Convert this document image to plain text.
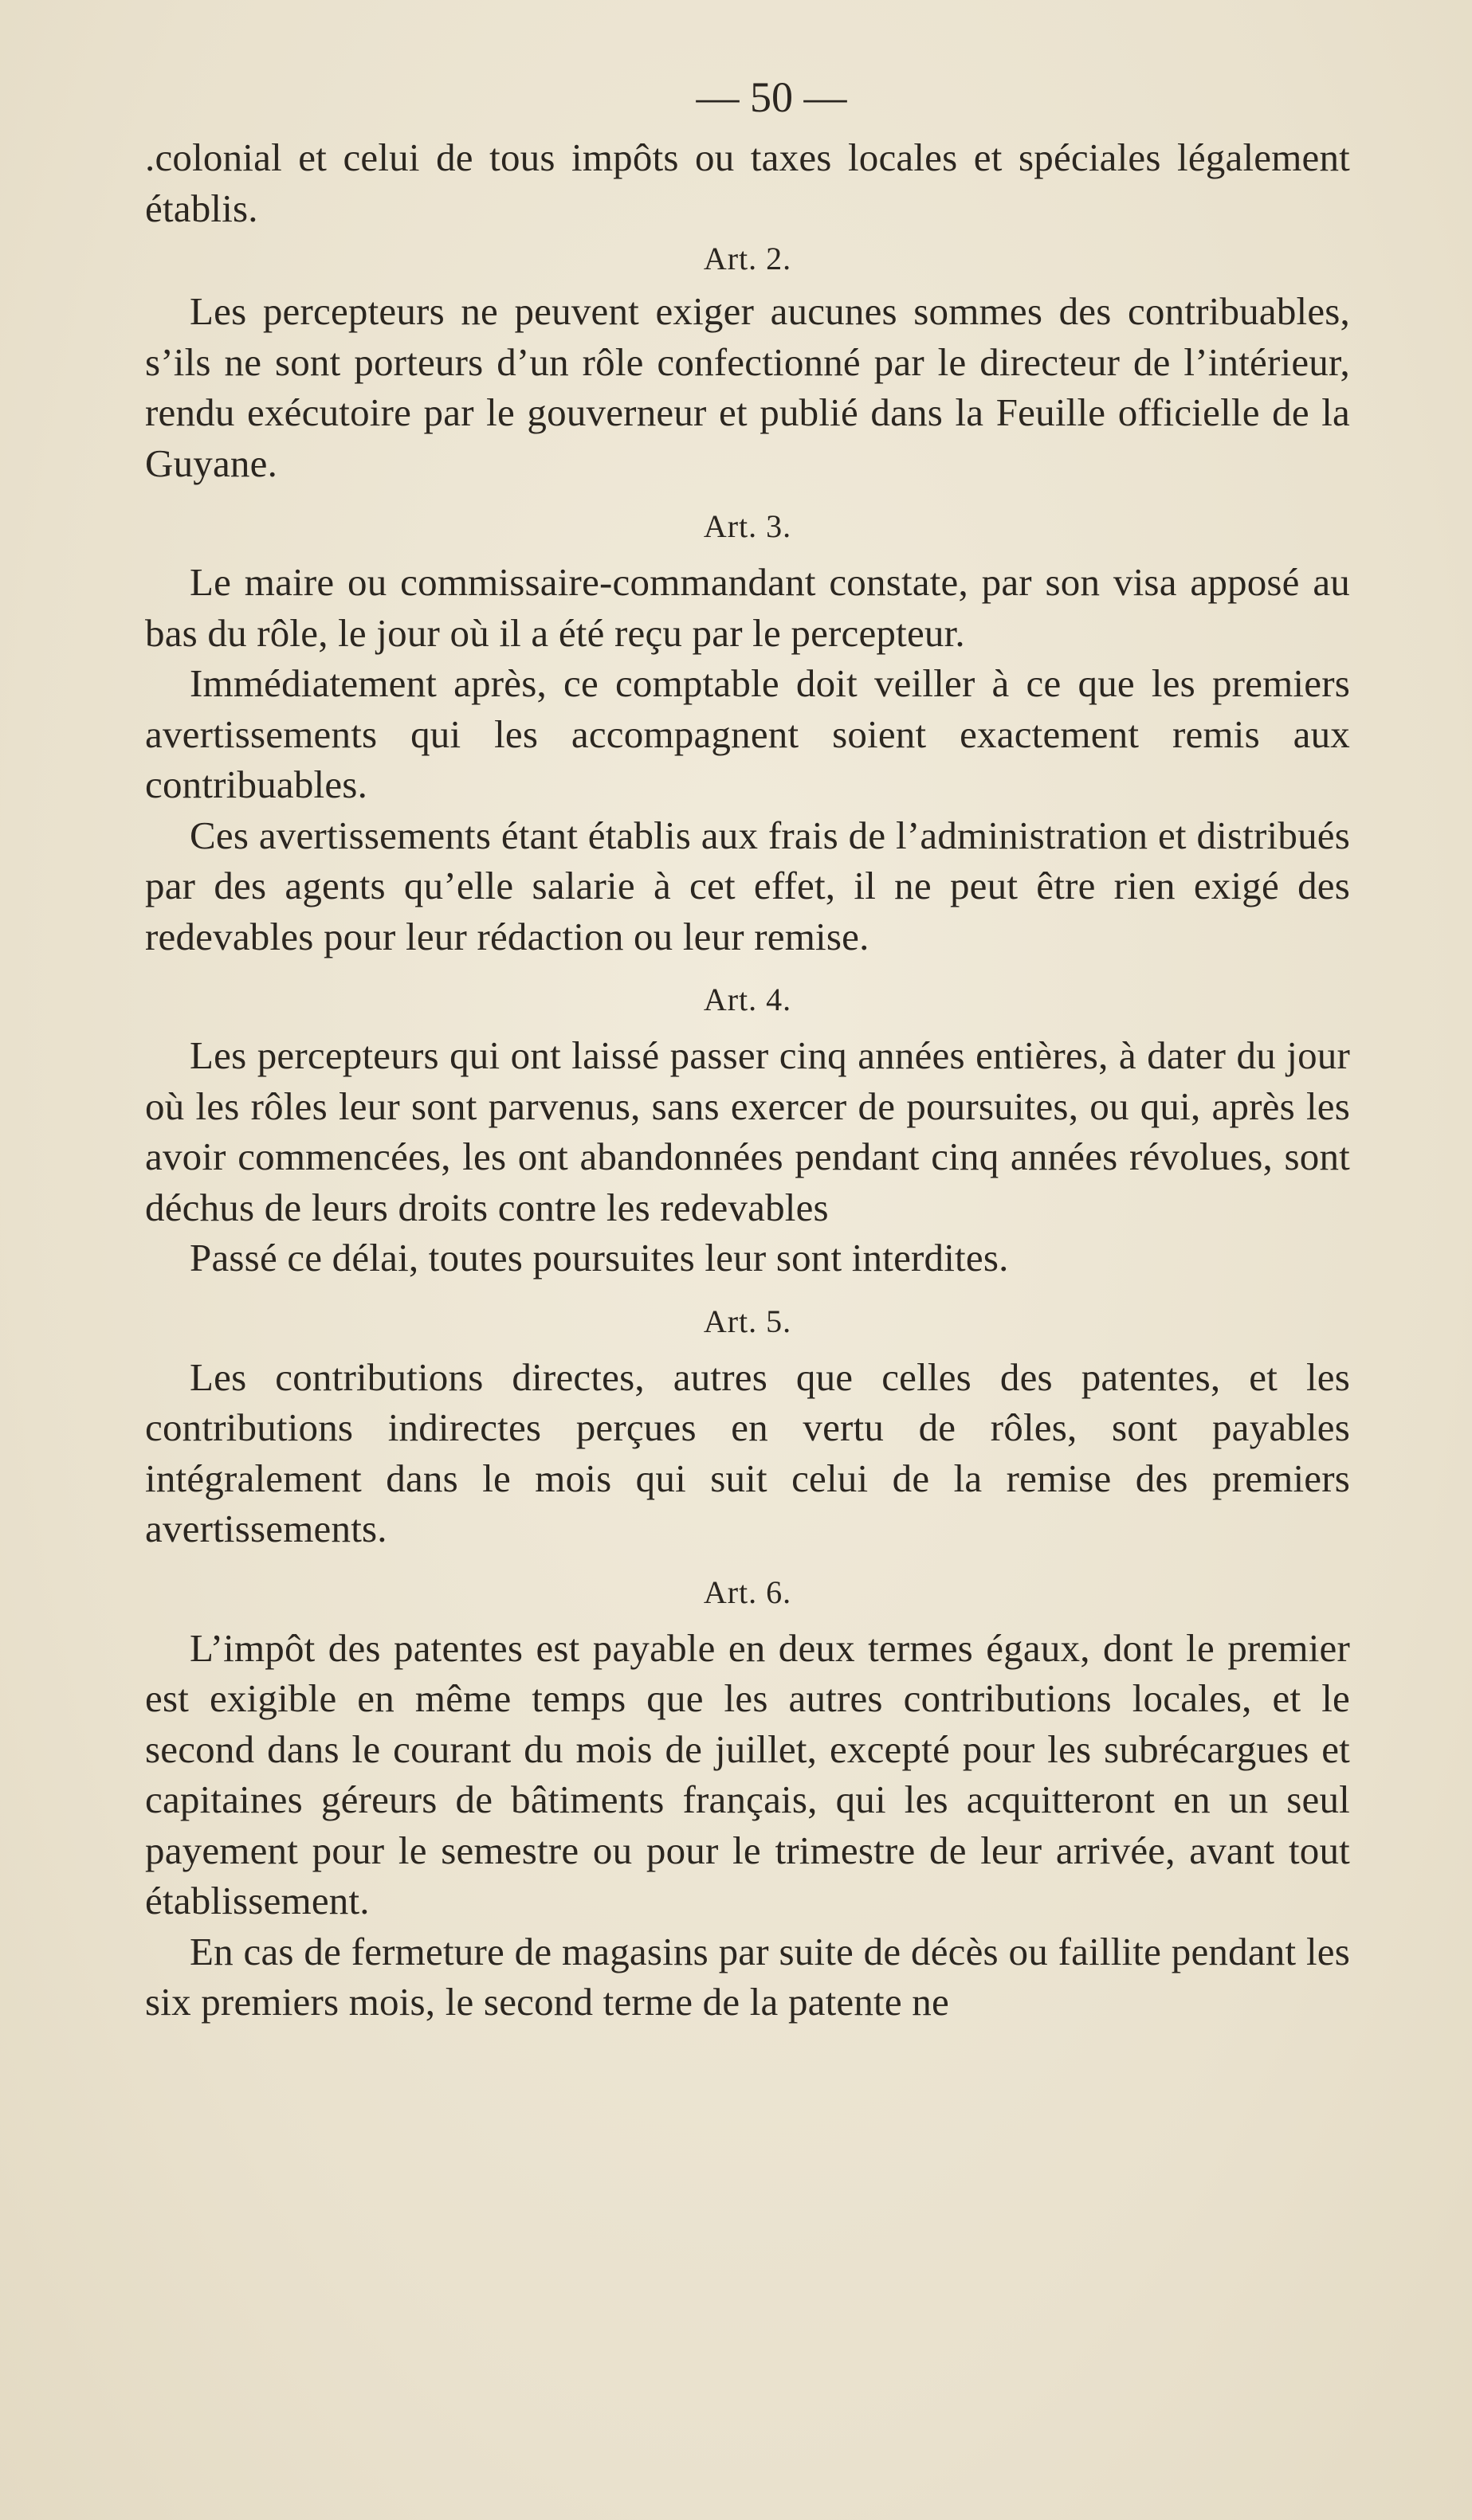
— 50 —

.colonial et celui de tous impôts ou taxes locales et spéciales légalement établis.

Art. 2.

Les percepteurs ne peuvent exiger aucunes sommes des contribuables, s’ils ne sont porteurs d’un rôle confectionné par le directeur de l’intérieur, rendu exécutoire par le gouverneur et publié dans la Feuille officielle de la Guyane.

Art. 3.

Le maire ou commissaire-commandant constate, par son visa apposé au bas du rôle, le jour où il a été reçu par le percepteur.

Immédiatement après, ce comptable doit veiller à ce que les premiers avertissements qui les accompagnent soient exactement remis aux contribuables.

Ces avertissements étant établis aux frais de l’administration et distribués par des agents qu’elle salarie à cet effet, il ne peut être rien exigé des redevables pour leur rédaction ou leur remise.

Art. 4.

Les percepteurs qui ont laissé passer cinq années entières, à dater du jour où les rôles leur sont parvenus, sans exercer de poursuites, ou qui, après les avoir commencées, les ont abandonnées pendant cinq années révolues, sont déchus de leurs droits contre les redevables

Passé ce délai, toutes poursuites leur sont interdites.

Art. 5.

Les contributions directes, autres que celles des patentes, et les contributions indirectes perçues en vertu de rôles, sont payables intégralement dans le mois qui suit celui de la remise des premiers avertissements.

Art. 6.

L’impôt des patentes est payable en deux termes égaux, dont le premier est exigible en même temps que les autres contributions locales, et le second dans le courant du mois de juillet, excepté pour les subrécargues et capitaines géreurs de bâtiments français, qui les acquitteront en un seul payement pour le semestre ou pour le trimestre de leur arrivée, avant tout établissement.

En cas de fermeture de magasins par suite de décès ou faillite pendant les six premiers mois, le second terme de la patente ne
